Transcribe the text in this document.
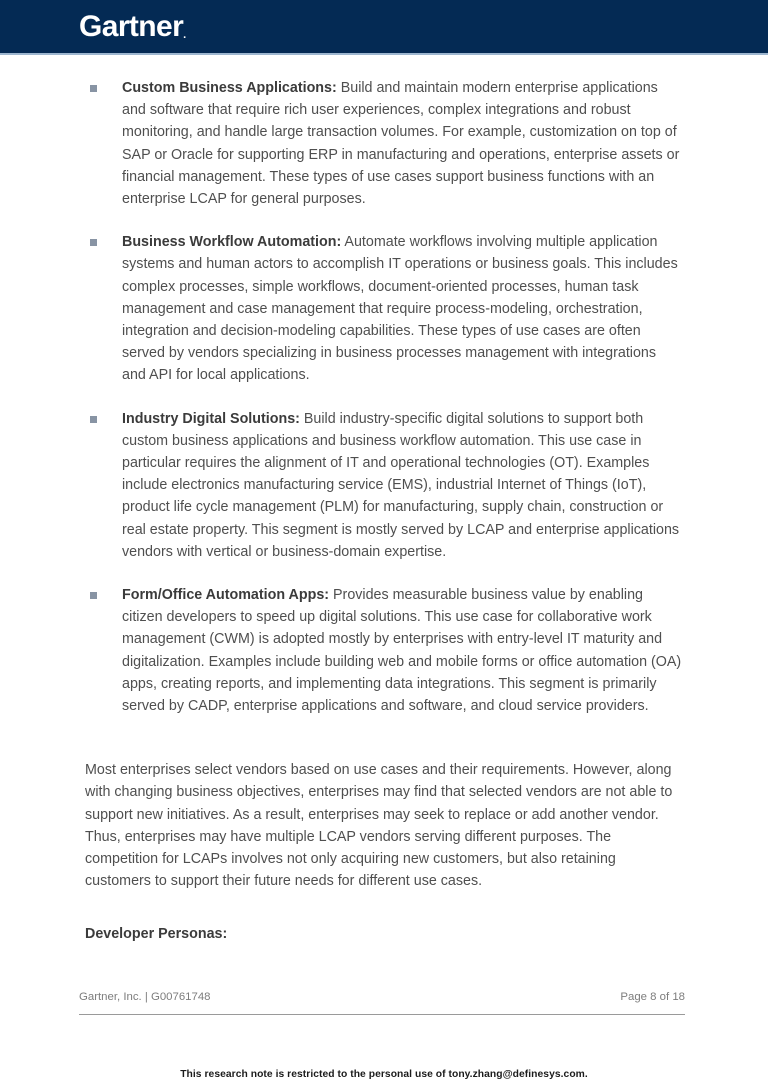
Gartner.
Custom Business Applications: Build and maintain modern enterprise applications and software that require rich user experiences, complex integrations and robust monitoring, and handle large transaction volumes. For example, customization on top of SAP or Oracle for supporting ERP in manufacturing and operations, enterprise assets or financial management. These types of use cases support business functions with an enterprise LCAP for general purposes.
Business Workflow Automation: Automate workflows involving multiple application systems and human actors to accomplish IT operations or business goals. This includes complex processes, simple workflows, document-oriented processes, human task management and case management that require process-modeling, orchestration, integration and decision-modeling capabilities. These types of use cases are often served by vendors specializing in business processes management with integrations and API for local applications.
Industry Digital Solutions: Build industry-specific digital solutions to support both custom business applications and business workflow automation. This use case in particular requires the alignment of IT and operational technologies (OT). Examples include electronics manufacturing service (EMS), industrial Internet of Things (IoT), product life cycle management (PLM) for manufacturing, supply chain, construction or real estate property. This segment is mostly served by LCAP and enterprise applications vendors with vertical or business-domain expertise.
Form/Office Automation Apps: Provides measurable business value by enabling citizen developers to speed up digital solutions. This use case for collaborative work management (CWM) is adopted mostly by enterprises with entry-level IT maturity and digitalization. Examples include building web and mobile forms or office automation (OA) apps, creating reports, and implementing data integrations. This segment is primarily served by CADP, enterprise applications and software, and cloud service providers.

Most enterprises select vendors based on use cases and their requirements. However, along with changing business objectives, enterprises may find that selected vendors are not able to support new initiatives. As a result, enterprises may seek to replace or add another vendor. Thus, enterprises may have multiple LCAP vendors serving different purposes. The competition for LCAPs involves not only acquiring new customers, but also retaining customers to support their future needs for different use cases.

Developer Personas:
Gartner, Inc. | G00761748	Page 8 of 18
This research note is restricted to the personal use of tony.zhang@definesys.com.
